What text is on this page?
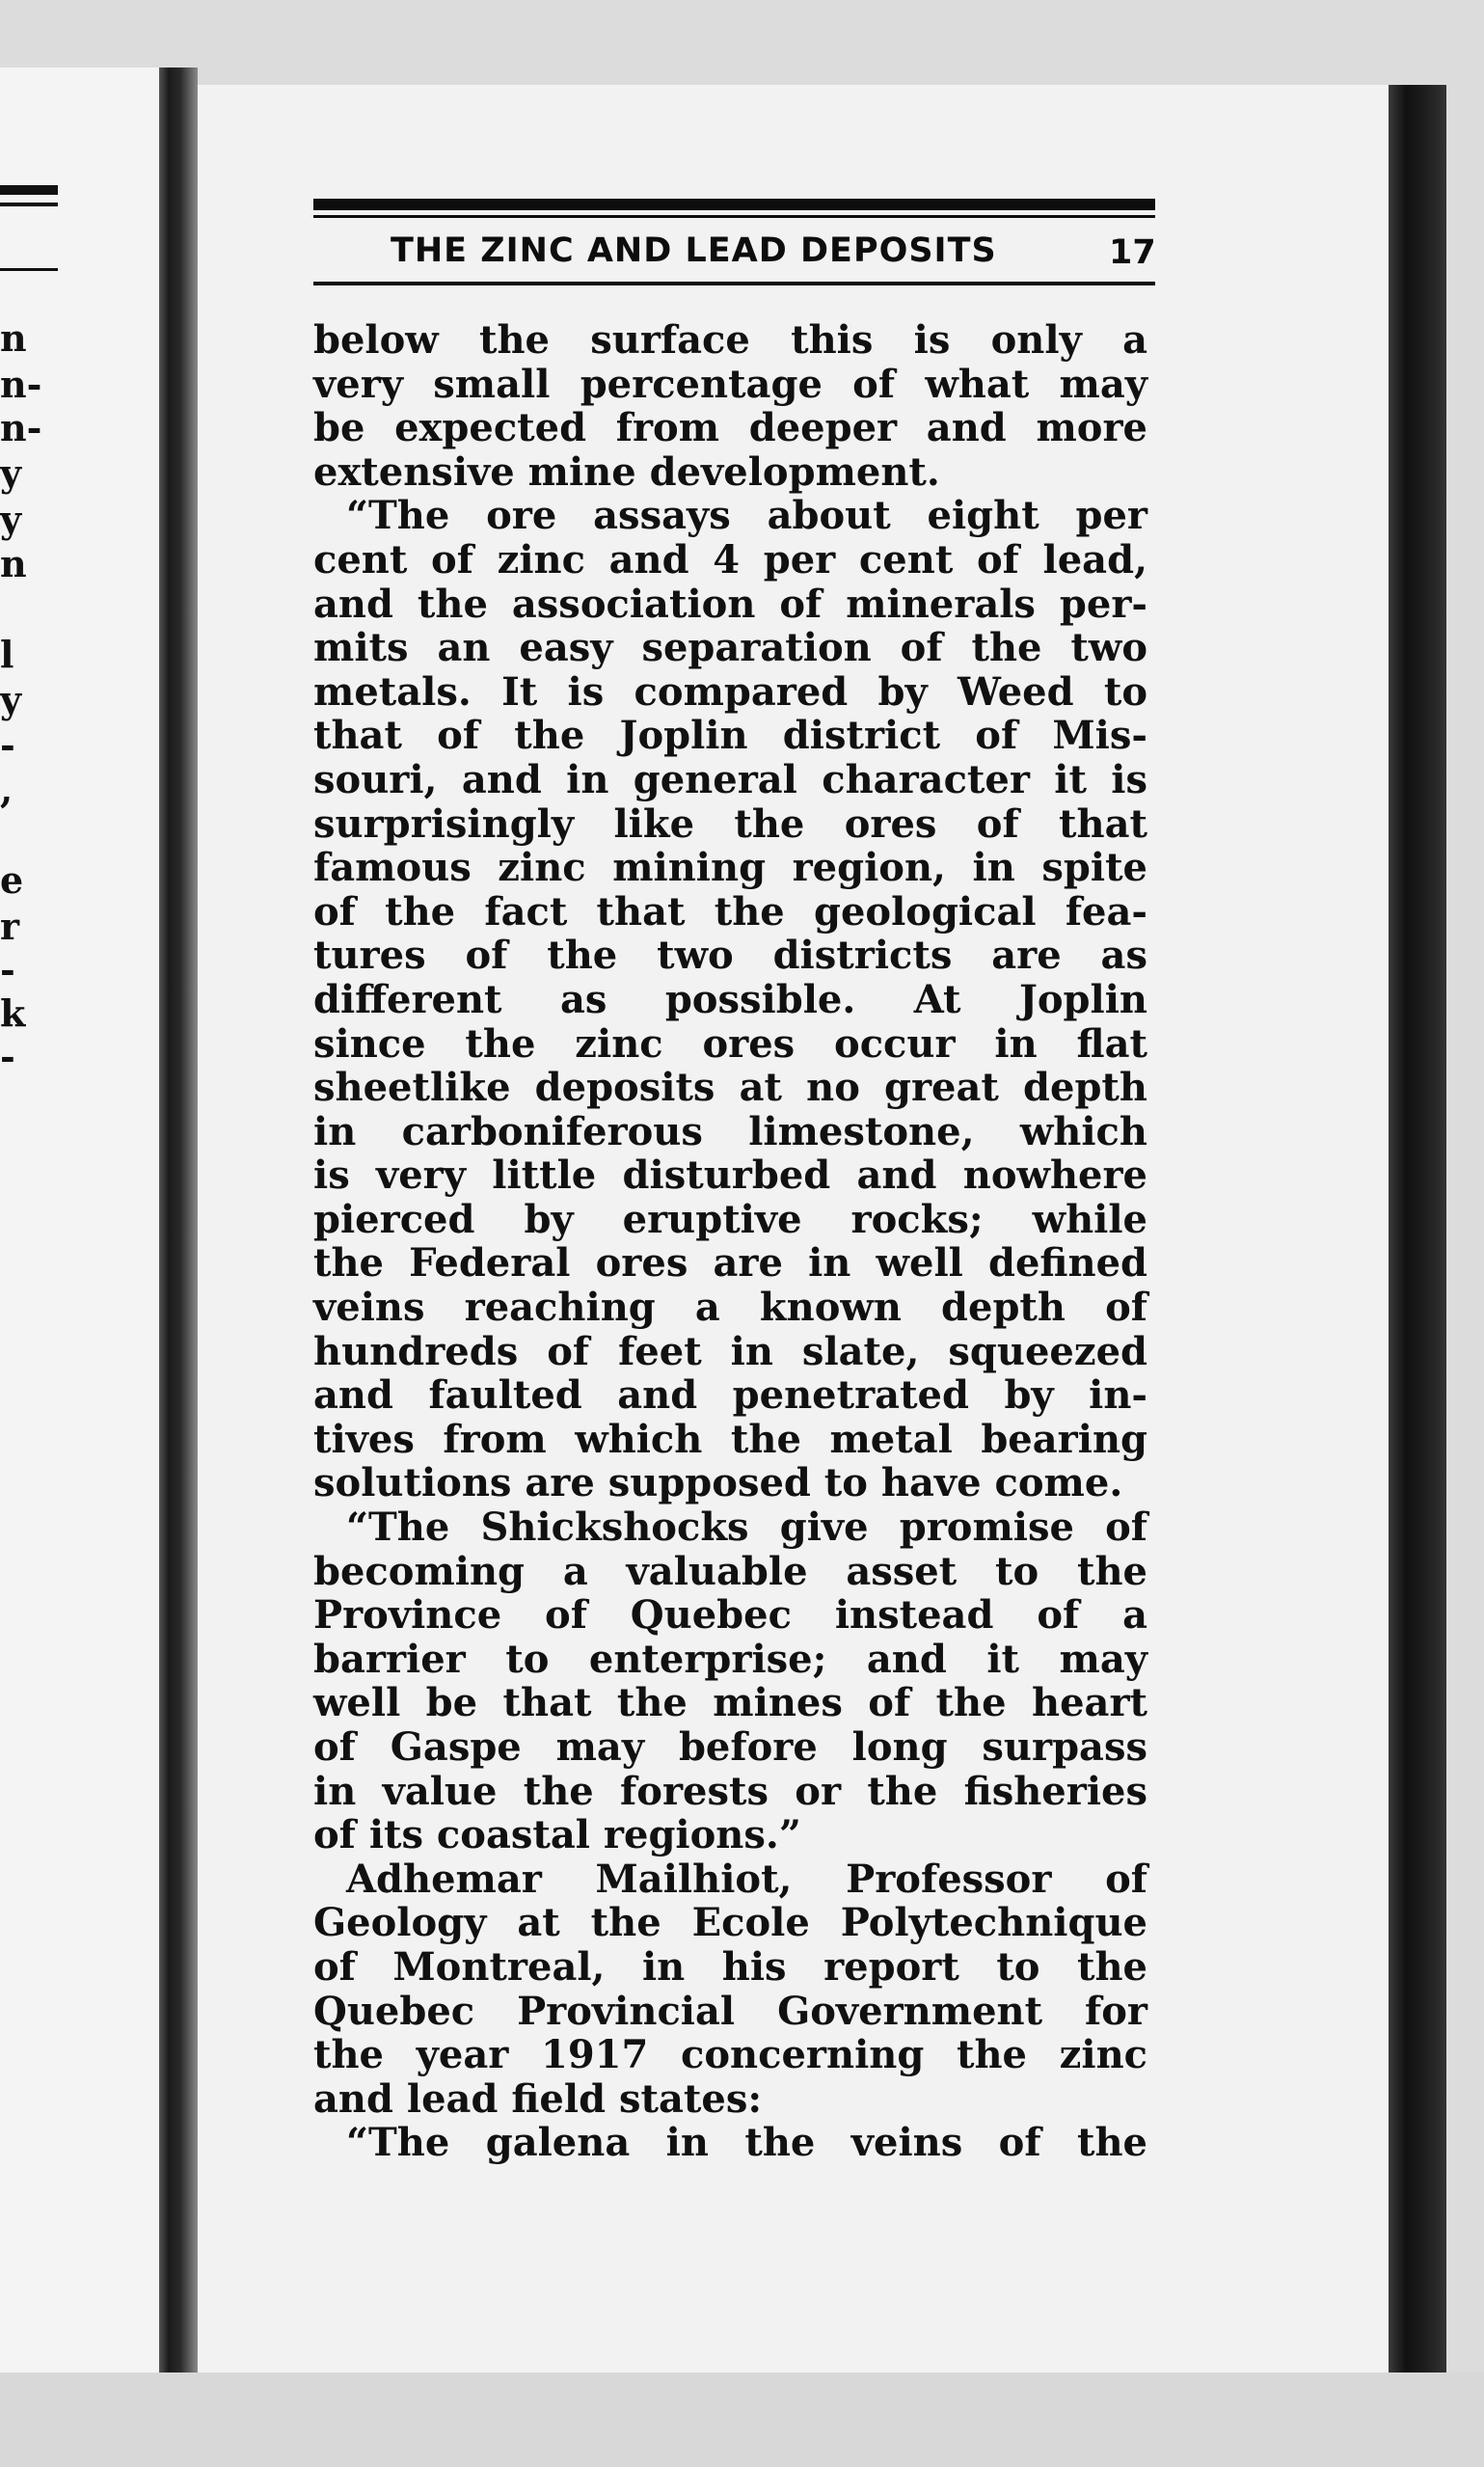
n
n-
n-
y
y
n
l
y
-
,
e
r
-
k
-
THE ZINC AND LEAD DEPOSITS	17
below the surface this is only a
very small percentage of what may
be expected from deeper and more
extensive mine development.
“The ore assays about eight per
cent of zinc and 4 per cent of lead,
and the association of minerals per-
mits an easy separation of the two
metals. It is compared by Weed to
that of the Joplin district of Mis-
souri, and in general character it is
surprisingly like the ores of that
famous zinc mining region, in spite
of the fact that the geological fea-
tures of the two districts are as
different as possible. At Joplin
since the zinc ores occur in flat
sheetlike deposits at no great depth
in carboniferous limestone, which
is very little disturbed and nowhere
pierced by eruptive rocks; while
the Federal ores are in well defined
veins reaching a known depth of
hundreds of feet in slate, squeezed
and faulted and penetrated by in-
tives from which the metal bearing
solutions are supposed to have come.
“The Shickshocks give promise of
becoming a valuable asset to the
Province of Quebec instead of a
barrier to enterprise; and it may
well be that the mines of the heart
of Gaspe may before long surpass
in value the forests or the fisheries
of its coastal regions.”
Adhemar Mailhiot, Professor of
Geology at the Ecole Polytechnique
of Montreal, in his report to the
Quebec Provincial Government for
the year 1917 concerning the zinc
and lead field states:
“The galena in the veins of the
